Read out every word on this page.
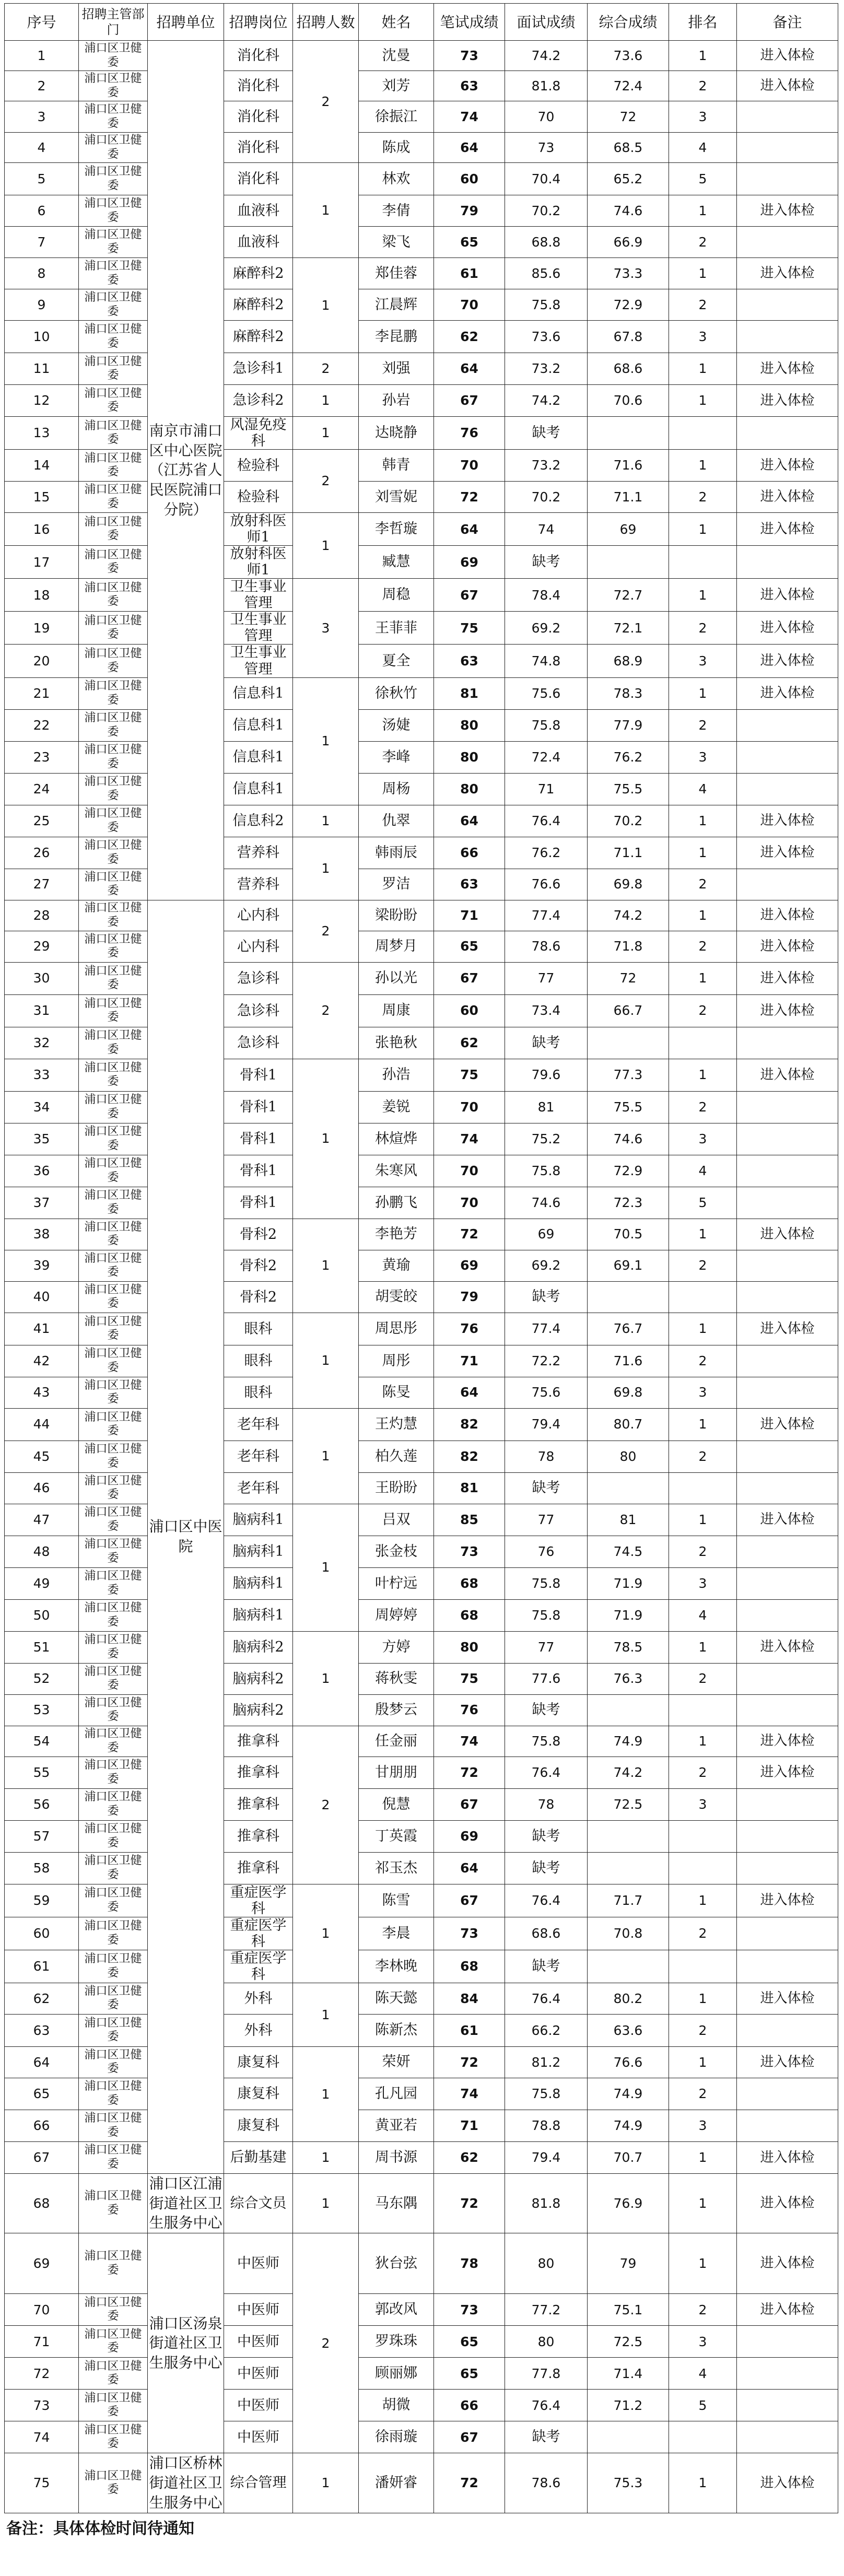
序号	招聘主管部门	招聘单位	招聘岗位	招聘人数	姓名	笔试成绩	面试成绩	综合成绩	排名	备注
1	浦口区卫健委	南京市浦口区中心医院（江苏省人民医院浦口分院）	消化科	2	沈曼	73	74.2	73.6	1	进入体检
2	浦口区卫健委		消化科		刘芳	63	81.8	72.4	2	进入体检
3	浦口区卫健委		消化科		徐振江	74	70	72	3	
4	浦口区卫健委		消化科		陈成	64	73	68.5	4	
5	浦口区卫健委		消化科	1	林欢	60	70.4	65.2	5	
6	浦口区卫健委		血液科		李倩	79	70.2	74.6	1	进入体检
7	浦口区卫健委		血液科		梁飞	65	68.8	66.9	2	
8	浦口区卫健委		麻醉科2	1	郑佳蓉	61	85.6	73.3	1	进入体检
9	浦口区卫健委		麻醉科2		江晨辉	70	75.8	72.9	2	
10	浦口区卫健委		麻醉科2		李昆鹏	62	73.6	67.8	3	
11	浦口区卫健委		急诊科1	2	刘强	64	73.2	68.6	1	进入体检
12	浦口区卫健委		急诊科2	1	孙岩	67	74.2	70.6	1	进入体检
13	浦口区卫健委		风湿免疫科	1	达晓静	76	缺考			
14	浦口区卫健委		检验科	2	韩青	70	73.2	71.6	1	进入体检
15	浦口区卫健委		检验科		刘雪妮	72	70.2	71.1	2	进入体检
16	浦口区卫健委		放射科医师1	1	李哲璇	64	74	69	1	进入体检
17	浦口区卫健委		放射科医师1		臧慧	69	缺考			
18	浦口区卫健委		卫生事业管理	3	周稳	67	78.4	72.7	1	进入体检
19	浦口区卫健委		卫生事业管理		王菲菲	75	69.2	72.1	2	进入体检
20	浦口区卫健委		卫生事业管理		夏全	63	74.8	68.9	3	进入体检
21	浦口区卫健委		信息科1	1	徐秋竹	81	75.6	78.3	1	进入体检
22	浦口区卫健委		信息科1		汤婕	80	75.8	77.9	2	
23	浦口区卫健委		信息科1		李峰	80	72.4	76.2	3	
24	浦口区卫健委		信息科1		周杨	80	71	75.5	4	
25	浦口区卫健委		信息科2	1	仇翠	64	76.4	70.2	1	进入体检
26	浦口区卫健委		营养科	1	韩雨辰	66	76.2	71.1	1	进入体检
27	浦口区卫健委		营养科		罗洁	63	76.6	69.8	2	
28	浦口区卫健委	浦口区中医院	心内科	2	梁盼盼	71	77.4	74.2	1	进入体检
29	浦口区卫健委		心内科		周梦月	65	78.6	71.8	2	进入体检
30	浦口区卫健委		急诊科	2	孙以光	67	77	72	1	进入体检
31	浦口区卫健委		急诊科		周康	60	73.4	66.7	2	进入体检
32	浦口区卫健委		急诊科		张艳秋	62	缺考			
33	浦口区卫健委		骨科1	1	孙浩	75	79.6	77.3	1	进入体检
34	浦口区卫健委		骨科1		姜锐	70	81	75.5	2	
35	浦口区卫健委		骨科1		林煊烨	74	75.2	74.6	3	
36	浦口区卫健委		骨科1		朱寒风	70	75.8	72.9	4	
37	浦口区卫健委		骨科1		孙鹏飞	70	74.6	72.3	5	
38	浦口区卫健委		骨科2	1	李艳芳	72	69	70.5	1	进入体检
39	浦口区卫健委		骨科2		黄瑜	69	69.2	69.1	2	
40	浦口区卫健委		骨科2		胡雯皎	79	缺考			
41	浦口区卫健委		眼科	1	周思彤	76	77.4	76.7	1	进入体检
42	浦口区卫健委		眼科		周彤	71	72.2	71.6	2	
43	浦口区卫健委		眼科		陈旻	64	75.6	69.8	3	
44	浦口区卫健委		老年科	1	王灼慧	82	79.4	80.7	1	进入体检
45	浦口区卫健委		老年科		柏久莲	82	78	80	2	
46	浦口区卫健委		老年科		王盼盼	81	缺考			
47	浦口区卫健委		脑病科1	1	吕双	85	77	81	1	进入体检
48	浦口区卫健委		脑病科1		张金枝	73	76	74.5	2	
49	浦口区卫健委		脑病科1		叶柠远	68	75.8	71.9	3	
50	浦口区卫健委		脑病科1		周婷婷	68	75.8	71.9	4	
51	浦口区卫健委		脑病科2	1	方婷	80	77	78.5	1	进入体检
52	浦口区卫健委		脑病科2		蒋秋雯	75	77.6	76.3	2	
53	浦口区卫健委		脑病科2		殷梦云	76	缺考			
54	浦口区卫健委		推拿科	2	任金丽	74	75.8	74.9	1	进入体检
55	浦口区卫健委		推拿科		甘朋朋	72	76.4	74.2	2	进入体检
56	浦口区卫健委		推拿科		倪慧	67	78	72.5	3	
57	浦口区卫健委		推拿科		丁英霞	69	缺考			
58	浦口区卫健委		推拿科		祁玉杰	64	缺考			
59	浦口区卫健委		重症医学科	1	陈雪	67	76.4	71.7	1	进入体检
60	浦口区卫健委		重症医学科		李晨	73	68.6	70.8	2	
61	浦口区卫健委		重症医学科		李林晚	68	缺考			
62	浦口区卫健委		外科	1	陈天懿	84	76.4	80.2	1	进入体检
63	浦口区卫健委		外科		陈新杰	61	66.2	63.6	2	
64	浦口区卫健委		康复科	1	荣妍	72	81.2	76.6	1	进入体检
65	浦口区卫健委		康复科		孔凡园	74	75.8	74.9	2	
66	浦口区卫健委		康复科		黄亚若	71	78.8	74.9	3	
67	浦口区卫健委		后勤基建	1	周书源	62	79.4	70.7	1	进入体检
68	浦口区卫健委	浦口区江浦街道社区卫生服务中心	综合文员	1	马东隅	72	81.8	76.9	1	进入体检
69	浦口区卫健委	浦口区汤泉街道社区卫生服务中心	中医师	2	狄台弦	78	80	79	1	进入体检
70	浦口区卫健委		中医师		郭改风	73	77.2	75.1	2	进入体检
71	浦口区卫健委		中医师		罗珠珠	65	80	72.5	3	
72	浦口区卫健委		中医师		顾丽娜	65	77.8	71.4	4	
73	浦口区卫健委		中医师		胡微	66	76.4	71.2	5	
74	浦口区卫健委		中医师		徐雨璇	67	缺考			
75	浦口区卫健委	浦口区桥林街道社区卫生服务中心	综合管理	1	潘妍睿	72	78.6	75.3	1	进入体检
备注：具体体检时间待通知
